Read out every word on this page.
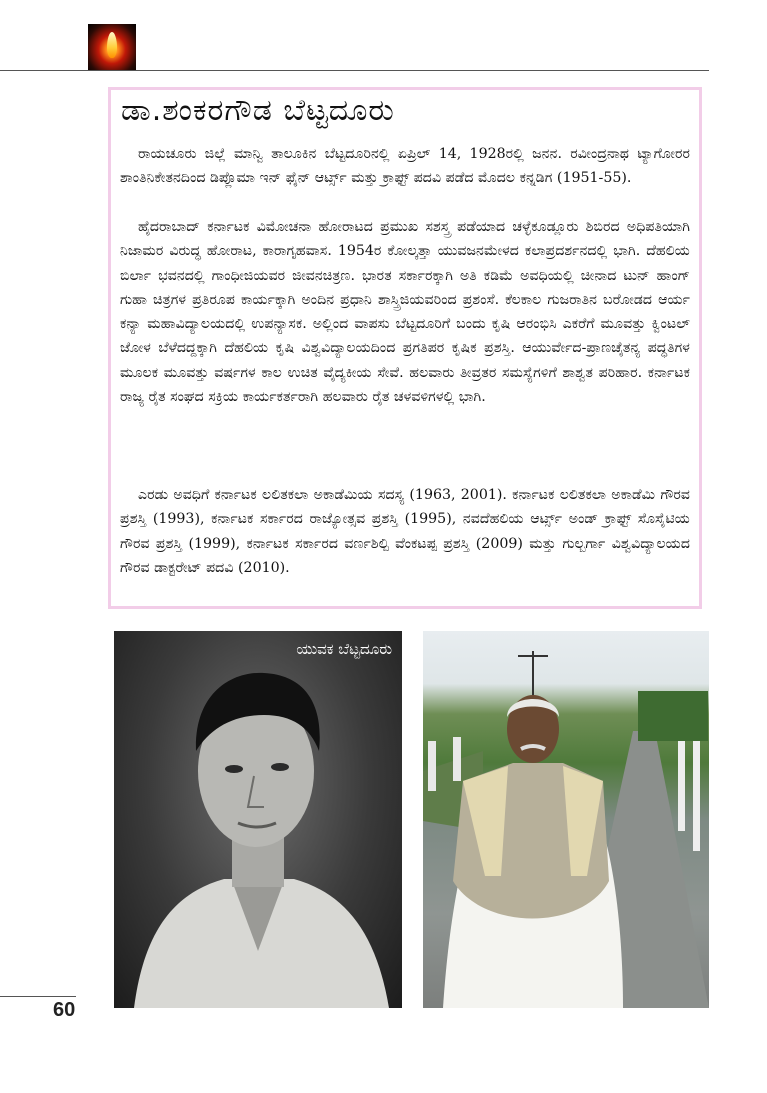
ಡಾ.ಶಂಕರಗೌಡ ಬೆಟ್ಟದೂರು

ರಾಯಚೂರು ಜಿಲ್ಲೆ ಮಾನ್ವಿ ತಾಲೂಕಿನ ಬೆಟ್ಟದೂರಿನಲ್ಲಿ ಏಪ್ರಿಲ್ 14, 1928ರಲ್ಲಿ ಜನನ. ರವೀಂದ್ರನಾಥ ಟ್ಯಾಗೋರರ ಶಾಂತಿನಿಕೇತನದಿಂದ ಡಿಪ್ಲೊಮಾ ಇನ್ ಫೈನ್ ಆರ್ಟ್ಸ್ ಮತ್ತು ಕ್ರಾಫ್ಟ್ ಪದವಿ ಪಡೆದ ಮೊದಲ ಕನ್ನಡಿಗ (1951-55).

ಹೈದರಾಬಾದ್ ಕರ್ನಾಟಕ ವಿಮೋಚನಾ ಹೋರಾಟದ ಪ್ರಮುಖ ಸಶಸ್ತ್ರ ಪಡೆಯಾದ ಚಳ್ಳೆಕೂಡ್ಲೂರು ಶಿಬಿರದ ಅಧಿಪತಿಯಾಗಿ ನಿಜಾಮರ ವಿರುದ್ಧ ಹೋರಾಟ, ಕಾರಾಗೃಹವಾಸ. 1954ರ ಕೋಲ್ಕತ್ತಾ ಯುವಜನಮೇಳದ ಕಲಾಪ್ರದರ್ಶನದಲ್ಲಿ ಭಾಗಿ. ದೆಹಲಿಯ ಬಿರ್ಲಾ ಭವನದಲ್ಲಿ ಗಾಂಧೀಜಿಯವರ ಜೀವನಚಿತ್ರಣ. ಭಾರತ ಸರ್ಕಾರಕ್ಕಾಗಿ ಅತಿ ಕಡಿಮೆ ಅವಧಿಯಲ್ಲಿ ಚೀನಾದ ಟುನ್ ಹಾಂಗ್ ಗುಹಾ ಚಿತ್ರಗಳ ಪ್ರತಿರೂಪ ಕಾರ್ಯಕ್ಕಾಗಿ ಅಂದಿನ ಪ್ರಧಾನಿ ಶಾಸ್ತ್ರಿಜಿಯವರಿಂದ ಪ್ರಶಂಸೆ. ಕೆಲಕಾಲ ಗುಜರಾತಿನ ಬರೋಡದ ಆರ್ಯ ಕನ್ಯಾ ಮಹಾವಿದ್ಯಾಲಯದಲ್ಲಿ ಉಪನ್ಯಾಸಕ. ಅಲ್ಲಿಂದ ವಾಪಸು ಬೆಟ್ಟದೂರಿಗೆ ಬಂದು ಕೃಷಿ ಆರಂಭಿಸಿ ಎಕರೆಗೆ ಮೂವತ್ತು ಕ್ವಿಂಟಲ್ ಜೋಳ ಬೆಳೆದದ್ದಕ್ಕಾಗಿ ದೆಹಲಿಯ ಕೃಷಿ ವಿಶ್ವವಿದ್ಯಾಲಯದಿಂದ ಪ್ರಗತಿಪರ ಕೃಷಿಕ ಪ್ರಶಸ್ತಿ. ಆಯುರ್ವೇದ-ಪ್ರಾಣಚೈತನ್ಯ ಪದ್ಧತಿಗಳ ಮೂಲಕ ಮೂವತ್ತು ವರ್ಷಗಳ ಕಾಲ ಉಚಿತ ವೈದ್ಯಕೀಯ ಸೇವೆ. ಹಲವಾರು ತೀವ್ರತರ ಸಮಸ್ಯೆಗಳಿಗೆ ಶಾಶ್ವತ ಪರಿಹಾರ. ಕರ್ನಾಟಕ ರಾಜ್ಯ ರೈತ ಸಂಘದ ಸಕ್ರಿಯ ಕಾರ್ಯಕರ್ತರಾಗಿ ಹಲವಾರು ರೈತ ಚಳವಳಿಗಳಲ್ಲಿ ಭಾಗಿ.

ಎರಡು ಅವಧಿಗೆ ಕರ್ನಾಟಕ ಲಲಿತಕಲಾ ಅಕಾಡೆಮಿಯ ಸದಸ್ಯ (1963, 2001). ಕರ್ನಾಟಕ ಲಲಿತಕಲಾ ಅಕಾಡೆಮಿ ಗೌರವ ಪ್ರಶಸ್ತಿ (1993), ಕರ್ನಾಟಕ ಸರ್ಕಾರದ ರಾಜ್ಯೋತ್ಸವ ಪ್ರಶಸ್ತಿ (1995), ನವದೆಹಲಿಯ ಆರ್ಟ್ಸ್ ಅಂಡ್ ಕ್ರಾಫ್ಟ್ ಸೊಸೈಟಿಯ ಗೌರವ ಪ್ರಶಸ್ತಿ (1999), ಕರ್ನಾಟಕ ಸರ್ಕಾರದ ವರ್ಣಶಿಲ್ಪಿ ವೆಂಕಟಪ್ಪ ಪ್ರಶಸ್ತಿ (2009) ಮತ್ತು ಗುಲ್ಬರ್ಗಾ ವಿಶ್ವವಿದ್ಯಾಲಯದ ಗೌರವ ಡಾಕ್ಟರೇಟ್ ಪದವಿ (2010).

ಯುವಕ ಬೆಟ್ಟದೂರು
60
